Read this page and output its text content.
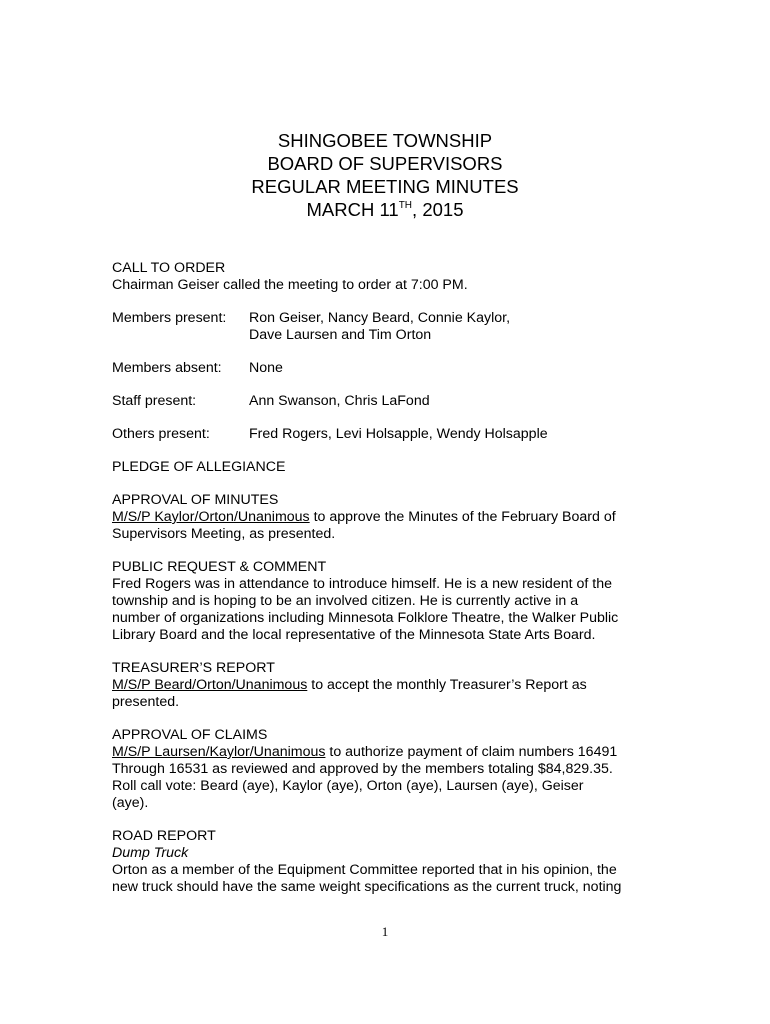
SHINGOBEE TOWNSHIP
BOARD OF SUPERVISORS
REGULAR MEETING MINUTES
MARCH 11TH, 2015
CALL TO ORDER
Chairman Geiser called the meeting to order at 7:00 PM.
Members present:	Ron Geiser, Nancy Beard, Connie Kaylor,
Dave Laursen and Tim Orton
Members absent:	None
Staff present:	Ann Swanson, Chris LaFond
Others present:	Fred Rogers, Levi Holsapple, Wendy Holsapple
PLEDGE OF ALLEGIANCE
APPROVAL OF MINUTES
M/S/P Kaylor/Orton/Unanimous to approve the Minutes of the February Board of
Supervisors Meeting, as presented.
PUBLIC REQUEST & COMMENT
Fred Rogers was in attendance to introduce himself. He is a new resident of the
township and is hoping to be an involved citizen. He is currently active in a
number of organizations including Minnesota Folklore Theatre, the Walker Public
Library Board and the local representative of the Minnesota State Arts Board.
TREASURER’S REPORT
M/S/P Beard/Orton/Unanimous to accept the monthly Treasurer’s Report as
presented.
APPROVAL OF CLAIMS
M/S/P Laursen/Kaylor/Unanimous to authorize payment of claim numbers 16491
Through 16531 as reviewed and approved by the members totaling $84,829.35.
Roll call vote: Beard (aye), Kaylor (aye), Orton (aye), Laursen (aye), Geiser
(aye).
ROAD REPORT
Dump Truck
Orton as a member of the Equipment Committee reported that in his opinion, the
new truck should have the same weight specifications as the current truck, noting
1
